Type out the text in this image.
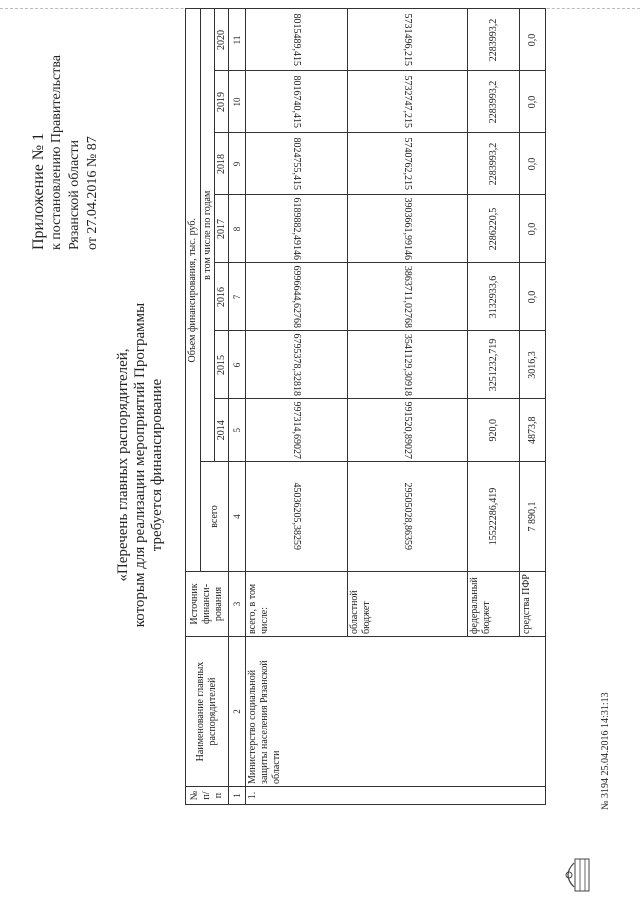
Приложение № 1 к постановлению Правительства Рязанской области от 27.04.2016 № 87
«Перечень главных распорядителей, которым для реализации мероприятий Программы требуется финансирование
№ п/п	Наименование главных распорядителей	Источник финанси-рования	Объем финансирования, тыс. руб.							
			всего	в том числе по годам						
				2014	2015	2016	2017	2018	2019	2020
1	2	3	4	5	6	7	8	9	10	11
1.	Министерство социальной защиты населения Рязанской области	всего, в том числе:	45036205,38259	997314,69027	6795378,32818	6996644,62768	6189882,49146	8024755,415	8016740,415	8015489,415
		областной бюджет	29505028,86359	991520,89027	3541129,30918	3863711,02768	3903661,99146	5740762,215	5732747,215	5731496,215
		федеральный бюджет	15522286,419	920,0	3251232,719	3132933,6	2286220,5	2283993,2	2283993,2	2283993,2
		средства ПФР	7 890,1	4873,8	3016,3	0,0	0,0	0,0	0,0	0,0
№ 3194 25.04.2016 14:31:13
